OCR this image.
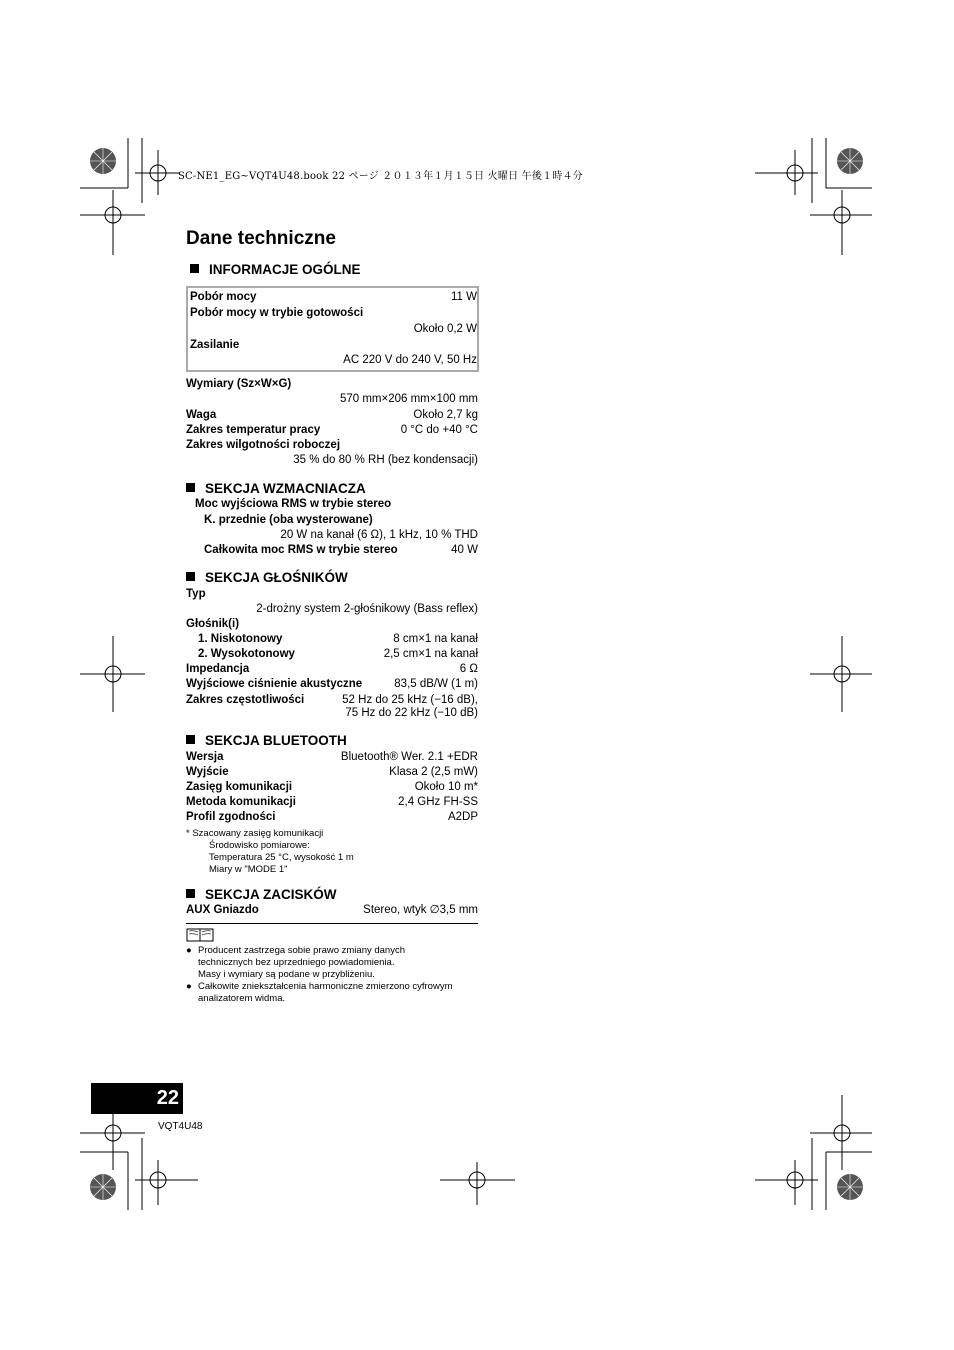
SC-NE1_EG~VQT4U48.book 22 ページ ２０１３年１月１５日 火曜日 午後１時４分
Dane techniczne
INFORMACJE OGÓLNE
Pobór mocy	11 W
Pobór mocy w trybie gotowości
Około 0,2 W
Zasilanie
AC 220 V do 240 V, 50 Hz
Wymiary (Sz×W×G)
570 mm×206 mm×100 mm
Waga	Około 2,7 kg
Zakres temperatur pracy	0 °C do +40 °C
Zakres wilgotności roboczej
35 % do 80 % RH (bez kondensacji)
SEKCJA WZMACNIACZA
Moc wyjściowa RMS w trybie stereo
K. przednie (oba wysterowane)
20 W na kanał (6 Ω), 1 kHz, 10 % THD
Całkowita moc RMS w trybie stereo	40 W
SEKCJA GŁOŚNIKÓW
Typ
2-drożny system 2-głośnikowy (Bass reflex)
Głośnik(i)
1. Niskotonowy	8 cm×1 na kanał
2. Wysokotonowy	2,5 cm×1 na kanał
Impedancja	6 Ω
Wyjściowe ciśnienie akustyczne	83,5 dB/W (1 m)
Zakres częstotliwości	52 Hz do 25 kHz (−16 dB),
75 Hz do 22 kHz (−10 dB)
SEKCJA BLUETOOTH
Wersja	Bluetooth® Wer. 2.1 +EDR
Wyjście	Klasa 2 (2,5 mW)
Zasięg komunikacji	Około 10 m*
Metoda komunikacji	2,4 GHz FH-SS
Profil zgodności	A2DP
* Szacowany zasięg komunikacji
Środowisko pomiarowe:
Temperatura 25 °C, wysokość 1 m
Miary w "MODE 1"
SEKCJA ZACISKÓW
AUX Gniazdo	Stereo, wtyk ∅3,5 mm
● Producent zastrzega sobie prawo zmiany danych
technicznych bez uprzedniego powiadomienia.
Masy i wymiary są podane w przybliżeniu.
● Całkowite zniekształcenia harmoniczne zmierzono cyfrowym
analizatorem widma.
22
VQT4U48
